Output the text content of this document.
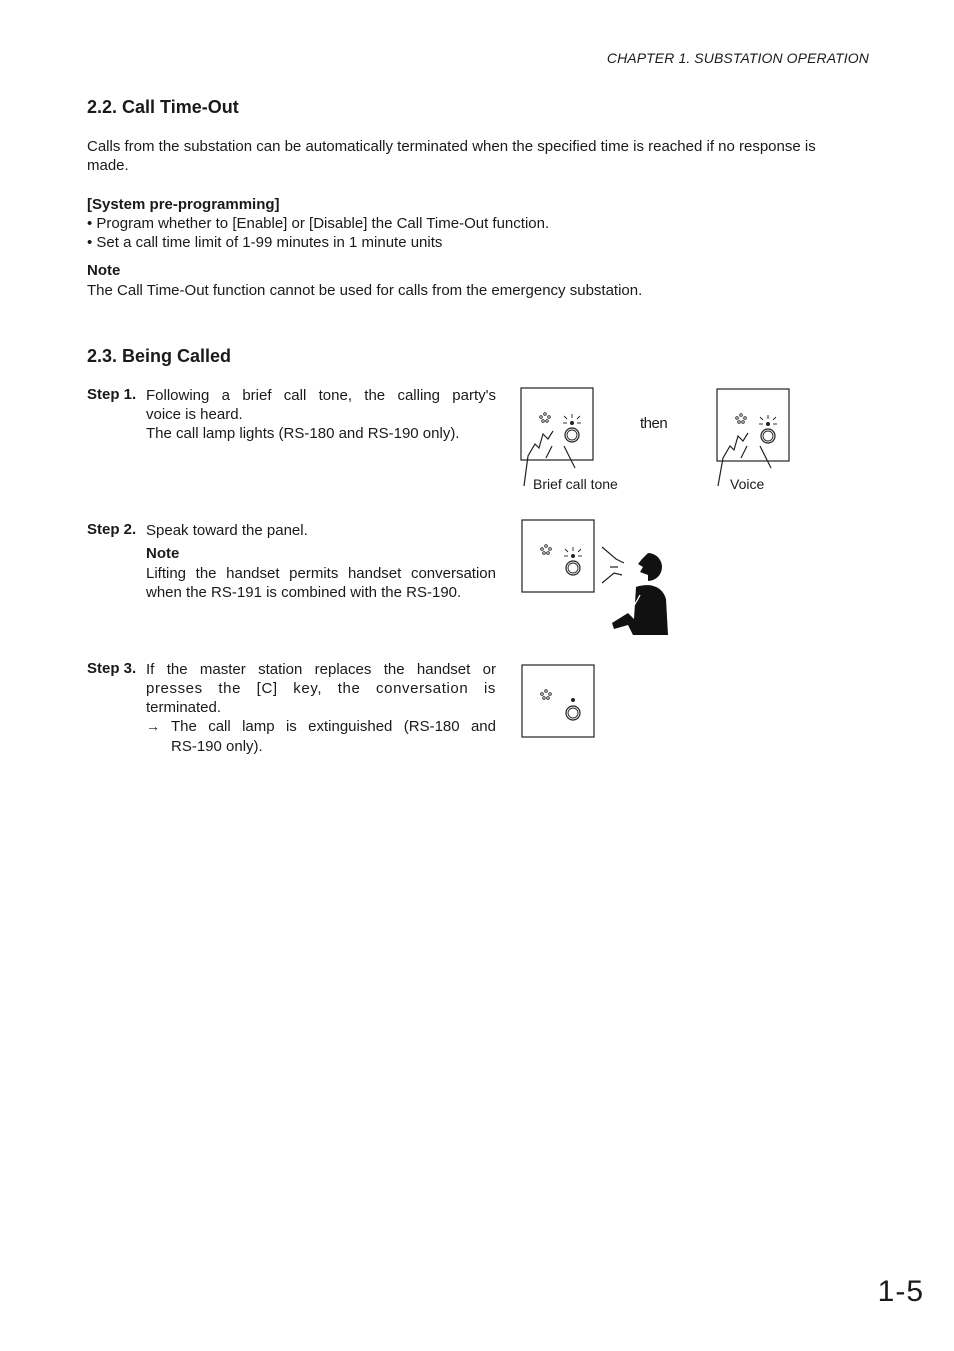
CHAPTER 1. SUBSTATION OPERATION
2.2. Call Time-Out
Calls from the substation can be automatically terminated when the specified time is reached if no response is
made.
[System pre-programming]
• Program whether to [Enable] or [Disable] the Call Time-Out function.
• Set a call time limit of 1-99 minutes in 1 minute units
Note
The Call Time-Out function cannot be used for calls from the emergency substation.
2.3. Being Called
Step 1. Following a brief call tone, the calling party's
voice is heard.
The call lamp lights (RS-180 and RS-190 only).
Brief call tone
then
Voice
Step 2. Speak toward the panel.
Note
Lifting the handset permits handset conversation
when the RS-191 is combined with the RS-190.
Step 3. If the master station replaces the handset or
presses the [C] key, the conversation is
terminated.
→ The call lamp is extinguished (RS-180 and
RS-190 only).
1-5
